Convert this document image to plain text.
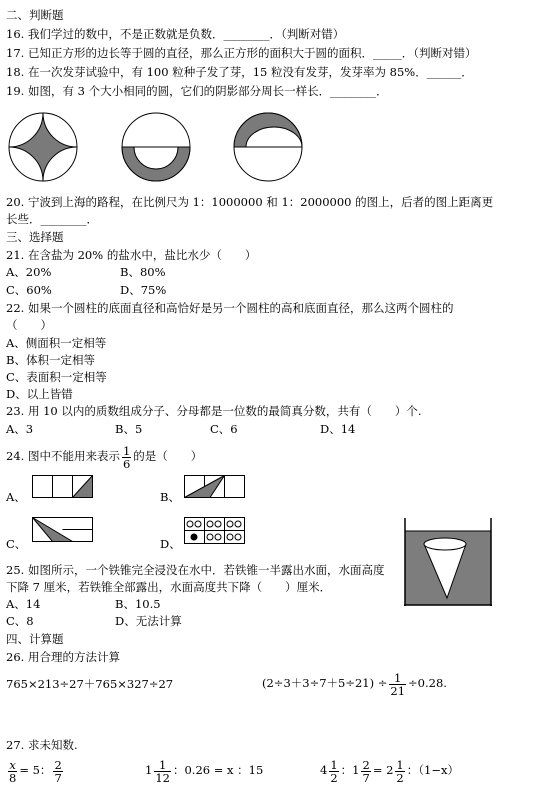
二、判断题
16. 我们学过的数中，不是正数就是负数．________．（判断对错）
17. 已知正方形的边长等于圆的直径，那么正方形的面积大于圆的面积．_____．（判断对错）
18. 在一次发芽试验中，有 100 粒种子发了芽，15 粒没有发芽，发芽率为 85%．______．
19. 如图，有 3 个大小相同的圆，它们的阴影部分周长一样长．________．
20. 宁波到上海的路程，在比例尺为 1：1000000 和 1：2000000 的图上，后者的图上距离更
长些．________．
三、选择题
21. 在含盐为 20% 的盐水中，盐比水少（　　）
A、20%	B、80%
C、60%	D、75%
22. 如果一个圆柱的底面直径和高恰好是另一个圆柱的高和底面直径，那么这两个圆柱的
（　　）
A、侧面积一定相等
B、体积一定相等
C、表面积一定相等
D、以上皆错
23. 用 10 以内的质数组成分子、分母都是一位数的最简真分数，共有（　　）个.
A、3	B、5	C、6	D、14
24. 图中不能用来表示 $\frac{1}{6}$ 的是（　　）
A、	B、
C、	D、
25. 如图所示，一个铁锥完全浸没在水中．若铁锥一半露出水面，水面高度
下降 7 厘米，若铁锥全部露出，水面高度共下降（　　）厘米．
A、14	B、10.5
C、8	D、无法计算
四、计算题
26. 用合理的方法计算
765×213÷27＋765×327÷27	$(2\div 3+3\div 7+5\div 21) \div \frac{1}{21} \div 0.28$.
27. 求未知数.
$\frac{x}{8} = 5$： $\frac{2}{7}$	$1 \frac{1}{12}$ ：0.26 = x ：15	$4 \frac{1}{2}$ ：$1 \frac{2}{7} = 2 \frac{1}{2}$ ：（1−x）
